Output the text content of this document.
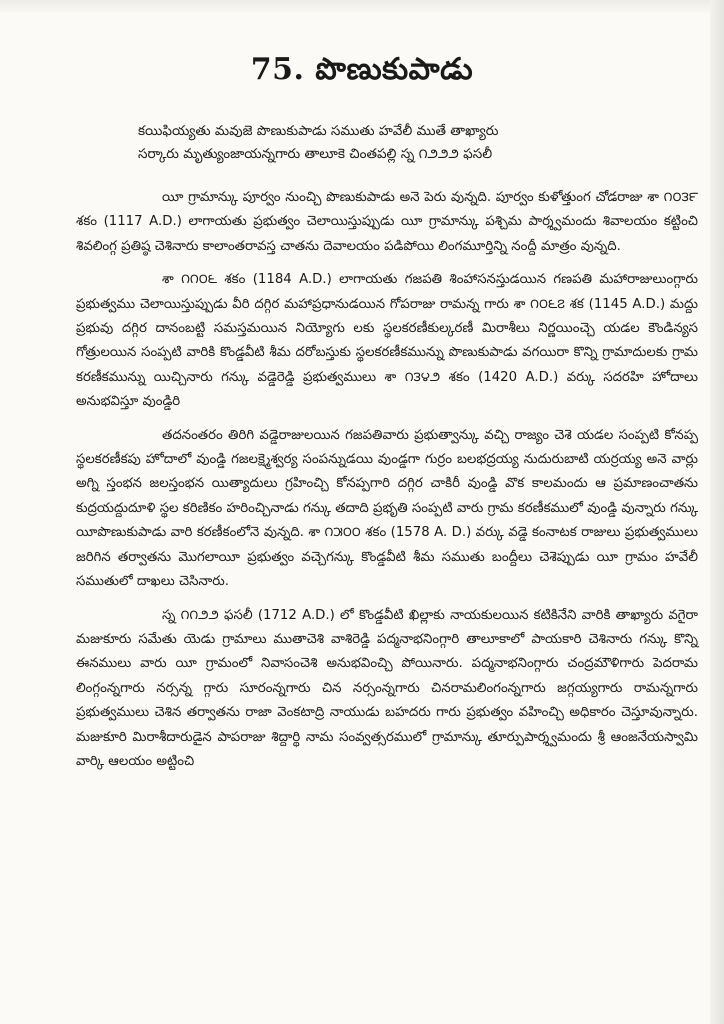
75. పొణుకుపాడు
కయిఫియ్యతు మవుజె పొణుకుపాడు సముతు హవేలీ ముతే తాఖ్యారు
సర్కారు మృత్యుంజాయన్నగారు తాలూకె చింతపల్లి స్న ౧౨౨౨ ఫసలీ

యీ గ్రామాన్కు పూర్వం నుంచ్చి పొణుకుపాడు అనె పెరు వున్నది. పూర్వం కుళోత్తుంగ చోడరాజు శా ౧౦౩౯ శకం (1117 A.D.) లాగాయతు ప్రభుత్వం చెలాయిస్తుప్పుడు యీ గ్రామాన్కు పశ్చిమ పార్శ్వమందు శివాలయం కట్టించి శివలింగ్గ ప్రతిష్ఠ చెశినారు కాలాంతరావస్త చాతను దెవాలయం పడిపోయి లింగమూర్తిన్ని నంద్దీ మాత్రం వున్నది.

శా ౧౧౦౬ శకం (1184 A.D.) లాగాయతు గజపతి శింహాసనస్తుడయిన గణపతి మహారాజులుంగ్గారు ప్రభుత్వము చెలాయిస్తుప్పుడు వీరి దగ్గిర మహాప్రధానుడయిన గోపరాజు రామన్న గారు శా ౧౦౬౭ శక (1145 A.D.) మద్దు ప్రభువు దగ్గిర దానంబట్టి సమస్తమయిన నియ్యోగు లకు స్థలకరణీకుల్కరణీ మిరాశీలు నిర్ణయించ్చె యడల కౌండిన్యస గోత్రులయిన సంప్పటి వారికి కొండ్డవీటి శీమ దరోబస్తుకు స్థలకరణీకమున్ను పొణుకుపాడు వగయిరా కొన్ని గ్రామాదులకు గ్రామ కరణీకమున్ను యిచ్చినారు గన్కు వడ్డెరెడ్డి ప్రభుత్వములు శా ౧౩౪౨ శకం (1420 A.D.) వర్కు సదరహి హోదాలు అనుభవిస్తూ వుండ్డిరి

తదనంతరం తిరిగి వడ్డెరాజులయిన గజపతివారు ప్రభుత్వాన్కు వచ్చి రాజ్యం చెశె యడల సంప్పటి కోనప్ప స్థలకరణీకపు హోదాలో వుండ్డి గజలక్ష్మెశ్వర్య సంపన్నుడయి వుండ్డగా గుర్రం బలభద్రయ్య నుదురుబాటి యర్రయ్య అనె వార్లు అగ్ని స్తంభన జలస్తంభన యిత్యాదులు గ్రహించ్చి కోనప్పగారి దగ్గిర చాకిరీ వుండ్డి వొక కాలమందు ఆ ప్రమాణంచాతను కుద్రయద్దుదూళి స్థల కరిణికం హరించ్చినాడు గన్కు తదాది ప్రభృతి సంప్పటి వారు గ్రామ కరణీకములో వుండ్డి వున్నారు గన్కు యీపొణుకుపాడు వారి కరణీకంలోనె వున్నది. శా ౧౫౦౦ శకం (1578 A. D.) వర్కు వడ్డె కంనాటక రాజులు ప్రభుత్వములు జరిగిన తర్వాతను మొగలాయీ ప్రభుత్వం వచ్చెగన్కు కొండ్డవీటి శీమ సముతు బంద్దీలు చెశెప్పుడు యీ గ్రామం హవేలీ సముతులో దాఖలు చెసినారు.

స్న ౧౧౨౨ ఫసలీ (1712 A.D.) లో కొండ్డవీటి ఖిల్లాకు నాయకులయిన కటికినేని వారికి తాఖ్యారు వగైరా మజుకూరు సమేతు యెడు గ్రామాలు ముతాచెశి వాశిరెడ్డి పద్మనాభనింగ్గారి తాలూకాలో పాయకారి చెశినారు గన్కు కొన్ని ఈనములు వారు యీ గ్రామంలో నివాసంచెశి అనుభవించ్చి పోయినారు. పద్మనాభనింగ్గారు చంద్రమౌళిగారు పెదరామ లింగ్గంన్నగారు నర్సన్న గ్గారు సూరంన్నగారు చిన నర్సంన్నగారు చినరామలింగంన్నగారు జగ్గయ్యగారు రామన్నగారు ప్రభుత్వములు చెశిన తర్వాతను రాజా వెంకటాద్రి నాయుడు బహదరు గారు ప్రభుత్వం వహించ్చి అధికారం చెస్తూవున్నారు. మజుకూరి మిరాశీదారుడైన పాపరాజు శిద్దార్థి నామ సంవ్వత్సరములో గ్రామాన్కు తూర్పుపార్శ్వమందు శ్రీ ఆంజనేయస్వామి వార్కి ఆలయం అట్టించి
